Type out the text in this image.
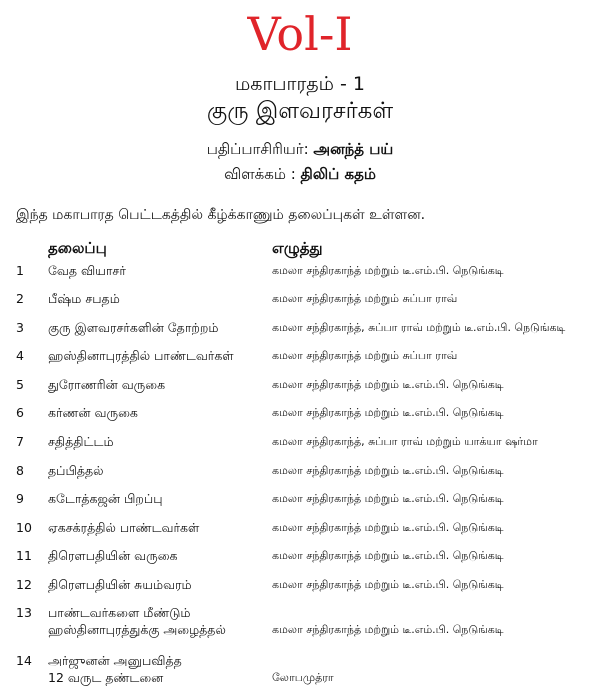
Vol-I
மகாபாரதம் - 1
குரு இளவரசர்கள்
பதிப்பாசிரியர்: அனந்த் பய்
விளக்கம் : திலிப் கதம்
இந்த மகாபாரத பெட்டகத்தில் கீழ்க்காணும் தலைப்புகள் உள்ளன.
தலைப்பு	எழுத்து
1	வேத வியாசர்	கமலா சந்திரகாந்த் மற்றும் டீ.எம்.பி. நெடுங்கடி
2	பீஷ்ம சபதம்	கமலா சந்திரகாந்த் மற்றும் சுப்பா ராவ்
3	குரு இளவரசர்களின் தோற்றம்	கமலா சந்திரகாந்த், சுப்பா ராவ் மற்றும் டீ.எம்.பி. நெடுங்கடி
4	ஹஸ்தினாபுரத்தில் பாண்டவர்கள்	கமலா சந்திரகாந்த் மற்றும் சுப்பா ராவ்
5	துரோணரின் வருகை	கமலா சந்திரகாந்த் மற்றும் டீ.எம்.பி. நெடுங்கடி
6	கர்ணன் வருகை	கமலா சந்திரகாந்த் மற்றும் டீ.எம்.பி. நெடுங்கடி
7	சதித்திட்டம்	கமலா சந்திரகாந்த், சுப்பா ராவ் மற்றும் யாக்யா ஷர்மா
8	தப்பித்தல்	கமலா சந்திரகாந்த் மற்றும் டீ.எம்.பி. நெடுங்கடி
9	கடோத்கஜன் பிறப்பு	கமலா சந்திரகாந்த் மற்றும் டீ.எம்.பி. நெடுங்கடி
10	ஏகசக்ரத்தில் பாண்டவர்கள்	கமலா சந்திரகாந்த் மற்றும் டீ.எம்.பி. நெடுங்கடி
11	திரௌபதியின் வருகை	கமலா சந்திரகாந்த் மற்றும் டீ.எம்.பி. நெடுங்கடி
12	திரௌபதியின் சுயம்வரம்	கமலா சந்திரகாந்த் மற்றும் டீ.எம்.பி. நெடுங்கடி
13	பாண்டவர்களை மீண்டும்
ஹஸ்தினாபுரத்துக்கு அழைத்தல்	கமலா சந்திரகாந்த் மற்றும் டீ.எம்.பி. நெடுங்கடி
14	அர்ஜுனன் அனுபவித்த
12 வருட தண்டனை	லோபமுத்ரா
